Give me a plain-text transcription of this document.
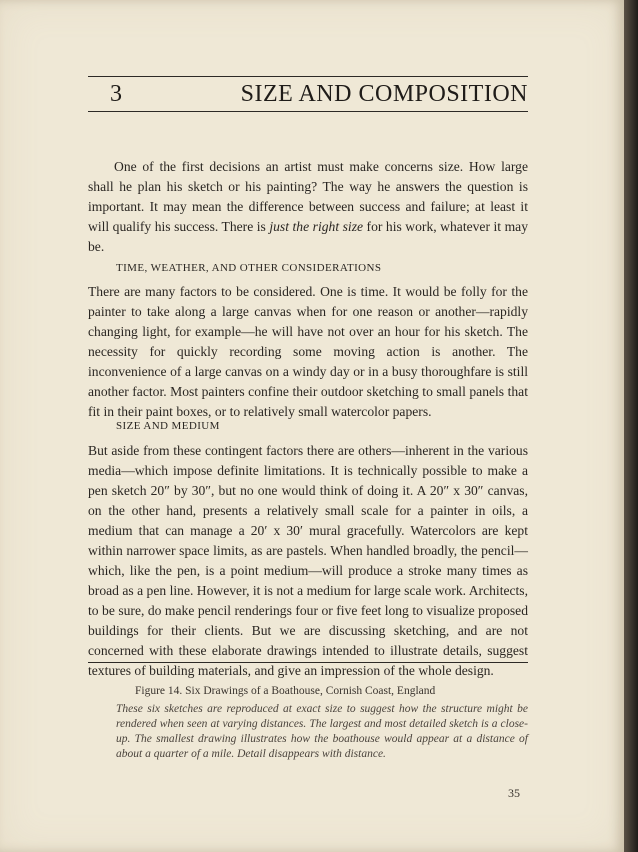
3	SIZE AND COMPOSITION

One of the first decisions an artist must make concerns size. How large shall he plan his sketch or his painting? The way he answers the question is important. It may mean the difference between success and failure; at least it will qualify his success. There is just the right size for his work, whatever it may be.

TIME, WEATHER, AND OTHER CONSIDERATIONS

There are many factors to be considered. One is time. It would be folly for the painter to take along a large canvas when for one reason or another—rapidly changing light, for example—he will have not over an hour for his sketch. The necessity for quickly recording some moving action is another. The inconvenience of a large canvas on a windy day or in a busy thoroughfare is still another factor. Most painters confine their outdoor sketching to small panels that fit in their paint boxes, or to relatively small watercolor papers.

SIZE AND MEDIUM

But aside from these contingent factors there are others—inherent in the various media—which impose definite limitations. It is technically possible to make a pen sketch 20″ by 30″, but no one would think of doing it. A 20″ x 30″ canvas, on the other hand, presents a relatively small scale for a painter in oils, a medium that can manage a 20′ x 30′ mural gracefully. Watercolors are kept within narrower space limits, as are pastels. When handled broadly, the pencil—which, like the pen, is a point medium—will produce a stroke many times as broad as a pen line. However, it is not a medium for large scale work. Architects, to be sure, do make pencil renderings four or five feet long to visualize proposed buildings for their clients. But we are discussing sketching, and are not concerned with these elaborate drawings intended to illustrate details, suggest textures of building materials, and give an impression of the whole design.

Figure 14. Six Drawings of a Boathouse, Cornish Coast, England

These six sketches are reproduced at exact size to suggest how the structure might be rendered when seen at varying distances. The largest and most detailed sketch is a close-up. The smallest drawing illustrates how the boathouse would appear at a distance of about a quarter of a mile. Detail disappears with distance.

35
